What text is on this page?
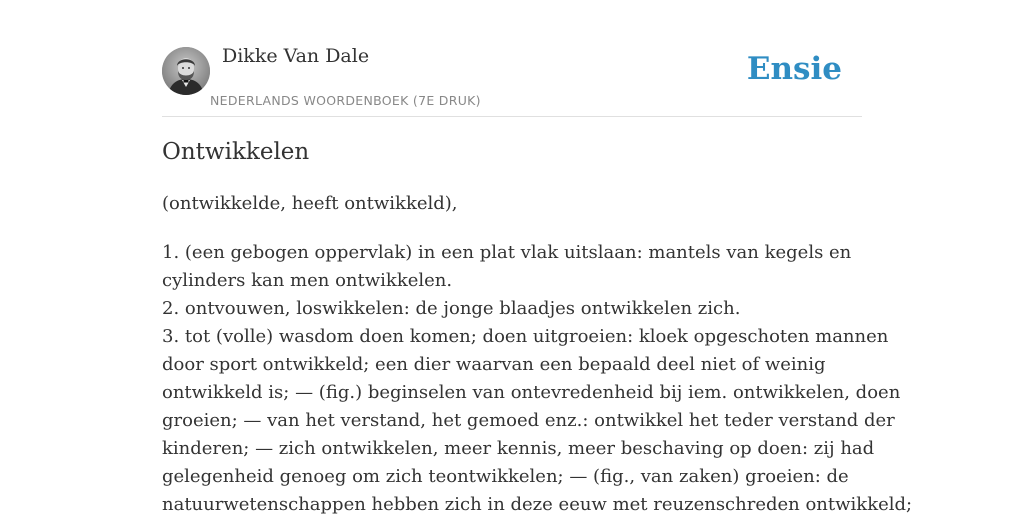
Dikke Van Dale
NEDERLANDS WOORDENBOEK (7E DRUK)
Ensie
Ontwikkelen

(ontwikkelde, heeft ontwikkeld),

1. (een gebogen oppervlak) in een plat vlak uitslaan: mantels van kegels en
cylinders kan men ontwikkelen.
2. ontvouwen, loswikkelen: de jonge blaadjes ontwikkelen zich.
3. tot (volle) wasdom doen komen; doen uitgroeien: kloek opgeschoten mannen
door sport ontwikkeld; een dier waarvan een bepaald deel niet of weinig
ontwikkeld is; — (fig.) beginselen van ontevredenheid bij iem. ontwikkelen, doen
groeien; — van het verstand, het gemoed enz.: ontwikkel het teder verstand der
kinderen; — zich ontwikkelen, meer kennis, meer beschaving op doen: zij had
gelegenheid genoeg om zich teontwikkelen; — (fig., van zaken) groeien: de
natuurwetenschappen hebben zich in deze eeuw met reuzenschreden ontwikkeld;
